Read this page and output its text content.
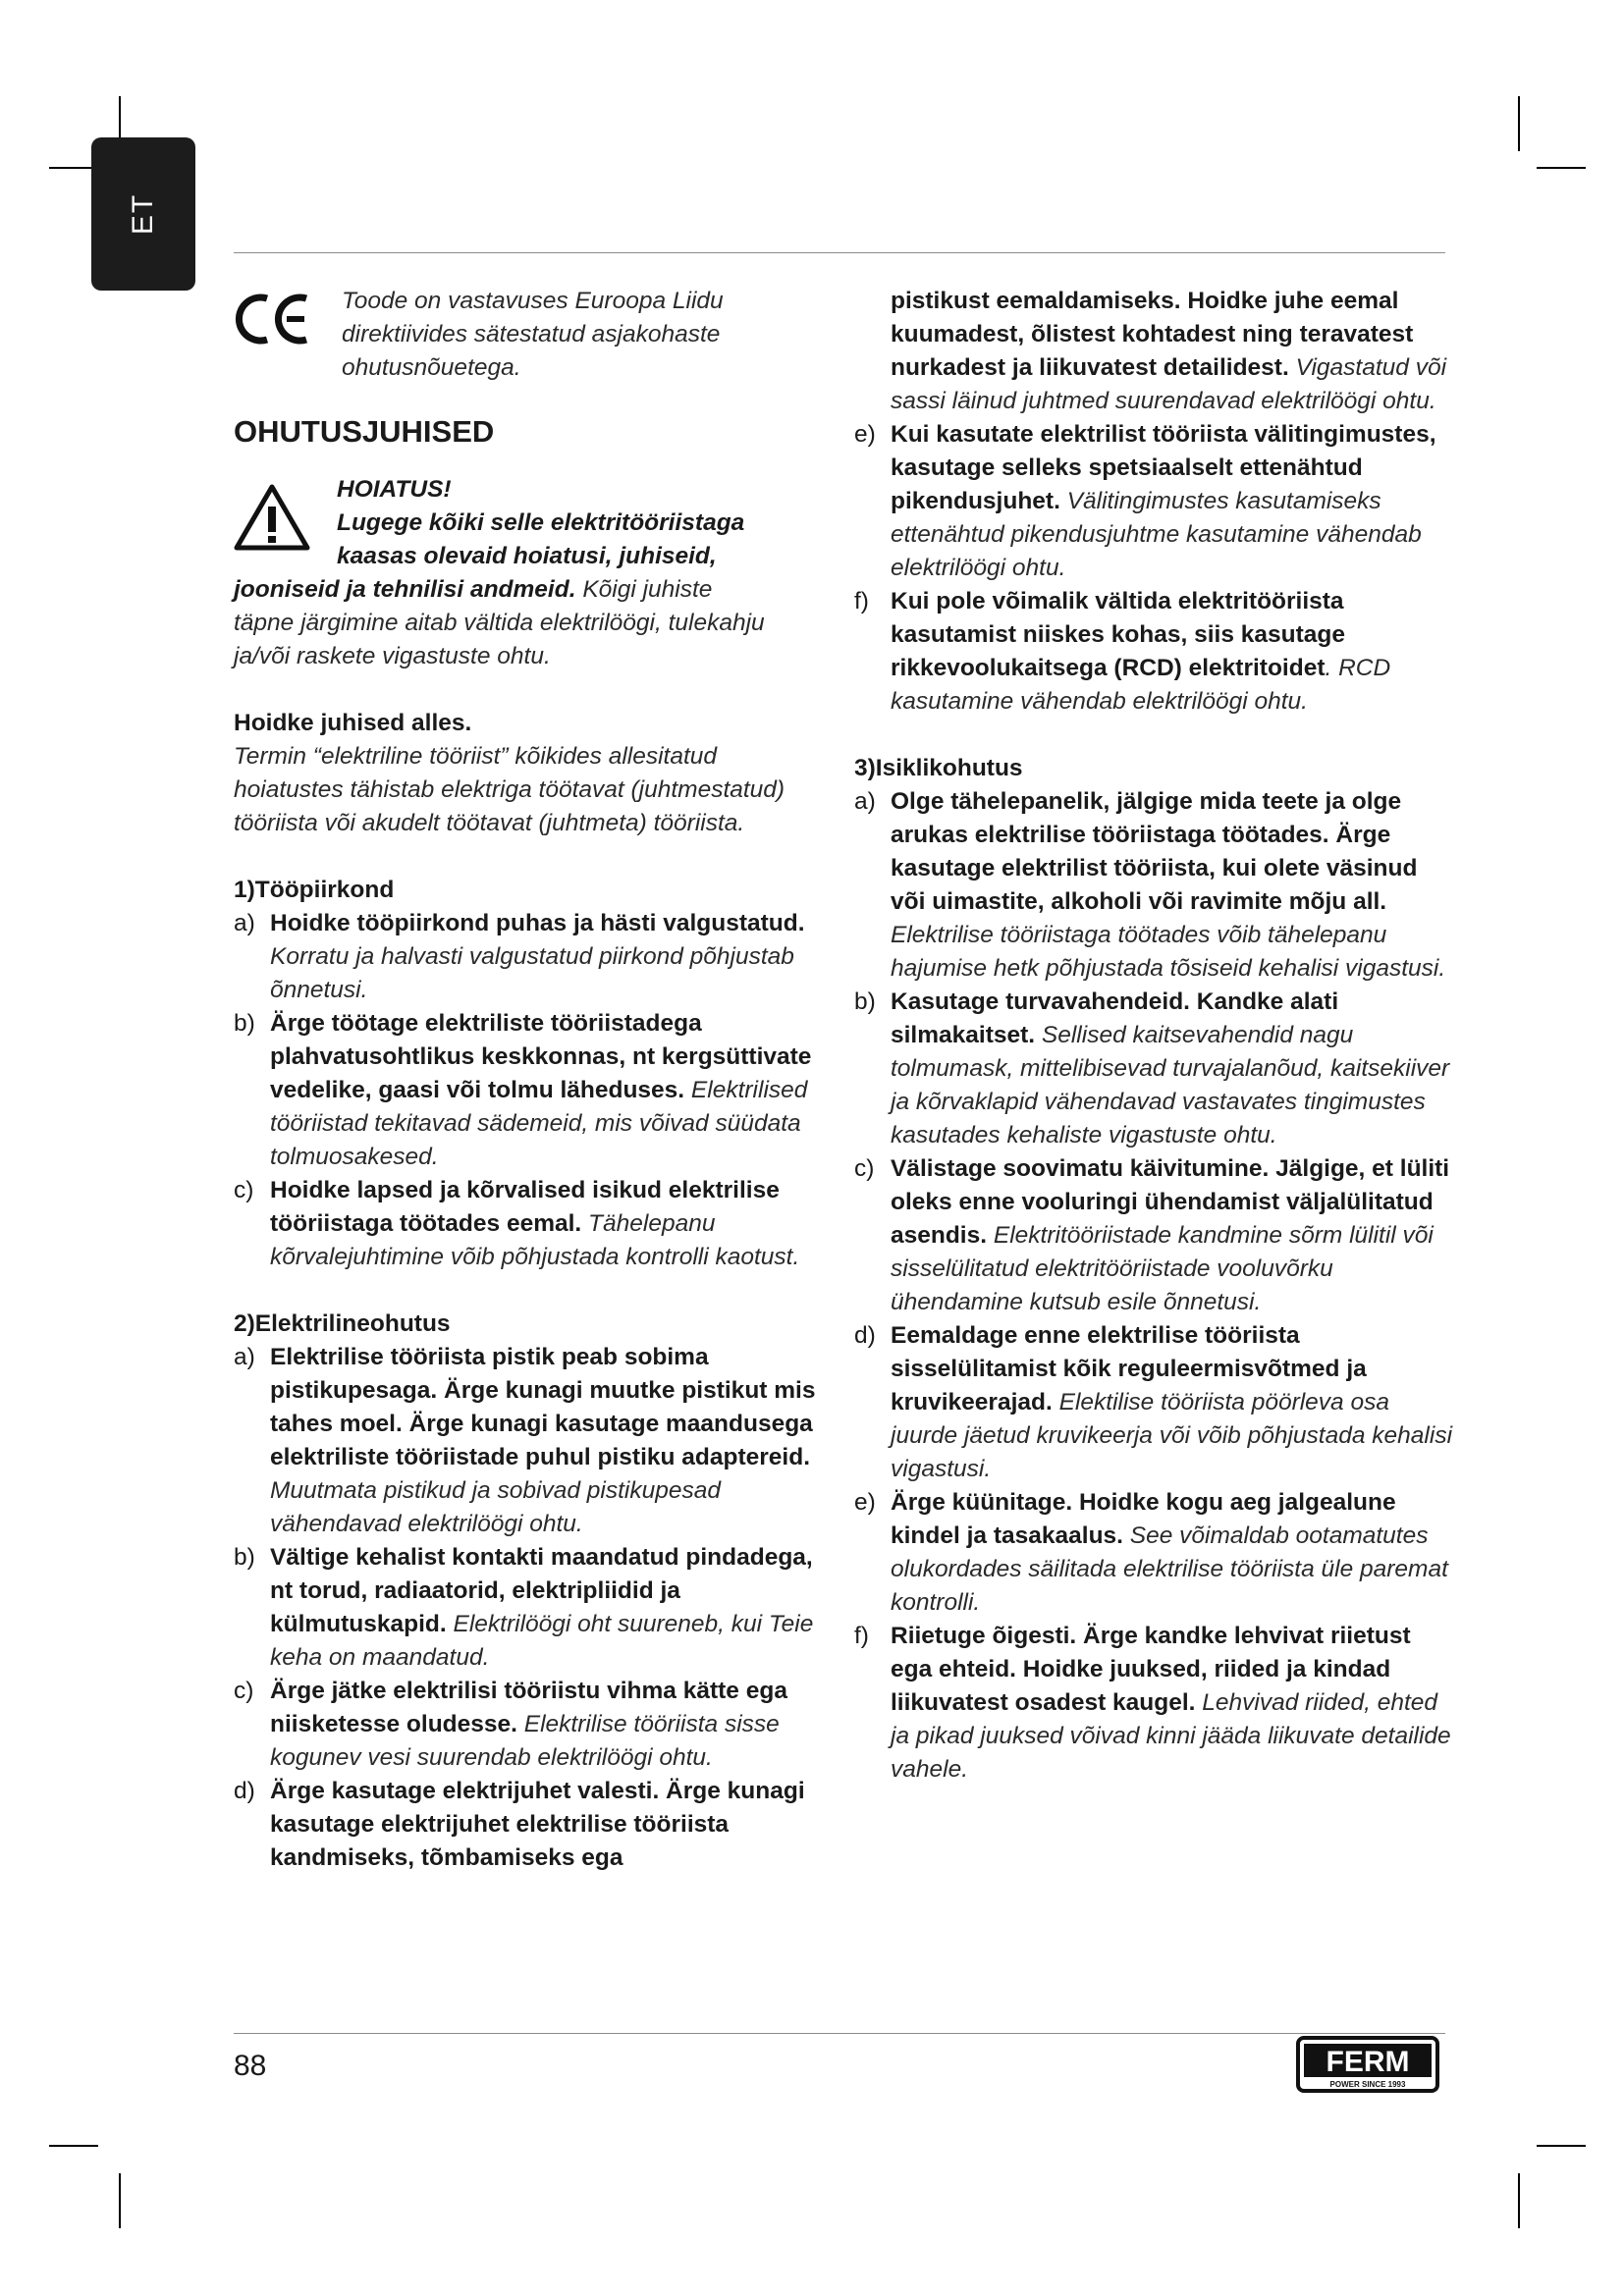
ET
Toode on vastavuses Euroopa Liidu
direktiivides sätestatud asjakohaste
ohutusnõuetega.
OHUTUSJUHISED
HOIATUS!
Lugege kõiki selle elektritööriistaga
kaasas olevaid hoiatusi, juhiseid,

jooniseid ja tehnilisi andmeid. Kõigi juhiste

täpne järgimine aitab vältida elektrilöögi, tulekahju

ja/või raskete vigastuste ohtu.

Hoidke juhised alles.

Termin “elektriline tööriist” kõikides allesitatud hoiatustes tähistab elektriga töötavat (juhtmestatud) tööriista või akudelt töötavat (juhtmeta) tööriista.

1)Tööpiirkond

a) Hoidke tööpiirkond puhas ja hästi valgustatud. Korratu ja halvasti valgustatud piirkond põhjustab õnnetusi.
b) Ärge töötage elektriliste tööriistadega plahvatusohtlikus keskkonnas, nt kergsüttivate vedelike, gaasi või tolmu läheduses. Elektrilised tööriistad tekitavad sädemeid, mis võivad süüdata tolmuosakesed.
c) Hoidke lapsed ja kõrvalised isikud elektrilise tööriistaga töötades eemal. Tähelepanu kõrvalejuhtimine võib põhjustada kontrolli kaotust.

2)Elektrilineohutus

a) Elektrilise tööriista pistik peab sobima pistikupesaga. Ärge kunagi muutke pistikut mis tahes moel. Ärge kunagi kasutage maandusega elektriliste tööriistade puhul pistiku adaptereid. Muutmata pistikud ja sobivad pistikupesad vähendavad elektrilöögi ohtu.
b) Vältige kehalist kontakti maandatud pindadega, nt torud, radiaatorid, elektripliidid ja külmutuskapid. Elektrilöögi oht suureneb, kui Teie keha on maandatud.
c) Ärge jätke elektrilisi tööriistu vihma kätte ega niisketesse oludesse. Elektrilise tööriista sisse kogunev vesi suurendab elektrilöögi ohtu.
d) Ärge kasutage elektrijuhet valesti. Ärge kunagi kasutage elektrijuhet elektrilise tööriista kandmiseks, tõmbamiseks ega
pistikust eemaldamiseks. Hoidke juhe eemal kuumadest, õlistest kohtadest ning teravatest nurkadest ja liikuvatest detailidest. Vigastatud või sassi läinud juhtmed suurendavad elektrilöögi ohtu.
e) Kui kasutate elektrilist tööriista välitingimustes, kasutage selleks spetsiaalselt ettenähtud pikendusjuhet. Välitingimustes kasutamiseks ettenähtud pikendusjuhtme kasutamine vähendab elektrilöögi ohtu.
f) Kui pole võimalik vältida elektritööriista kasutamist niiskes kohas, siis kasutage rikkevoolukaitsega (RCD) elektritoidet. RCD kasutamine vähendab elektrilöögi ohtu.

3)Isiklikohutus

a) Olge tähelepanelik, jälgige mida teete ja olge arukas elektrilise tööriistaga töötades. Ärge kasutage elektrilist tööriista, kui olete väsinud või uimastite, alkoholi või ravimite mõju all. Elektrilise tööriistaga töötades võib tähelepanu hajumise hetk põhjustada tõsiseid kehalisi vigastusi.
b) Kasutage turvavahendeid. Kandke alati silmakaitset. Sellised kaitsevahendid nagu tolmumask, mittelibisevad turvajalanõud, kaitsekiiver ja kõrvaklapid vähendavad vastavates tingimustes kasutades kehaliste vigastuste ohtu.
c) Välistage soovimatu käivitumine. Jälgige, et lüliti oleks enne vooluringi ühendamist väljalülitatud asendis. Elektritööriistade kandmine sõrm lülitil või sisselülitatud elektritööriistade vooluvõrku ühendamine kutsub esile õnnetusi.
d) Eemaldage enne elektrilise tööriista sisselülitamist kõik reguleermisvõtmed ja kruvikeerajad. Elektilise tööriista pöörleva osa juurde jäetud kruvikeerja või võib põhjustada kehalisi vigastusi.
e) Ärge küünitage. Hoidke kogu aeg jalgealune kindel ja tasakaalus. See võimaldab ootamatutes olukordades säilitada elektrilise tööriista üle paremat kontrolli.
f) Riietuge õigesti. Ärge kandke lehvivat riietust ega ehteid. Hoidke juuksed, riided ja kindad liikuvatest osadest kaugel. Lehvivad riided, ehted ja pikad juuksed võivad kinni jääda liikuvate detailide vahele.
88	FERM
POWER SINCE 1993
